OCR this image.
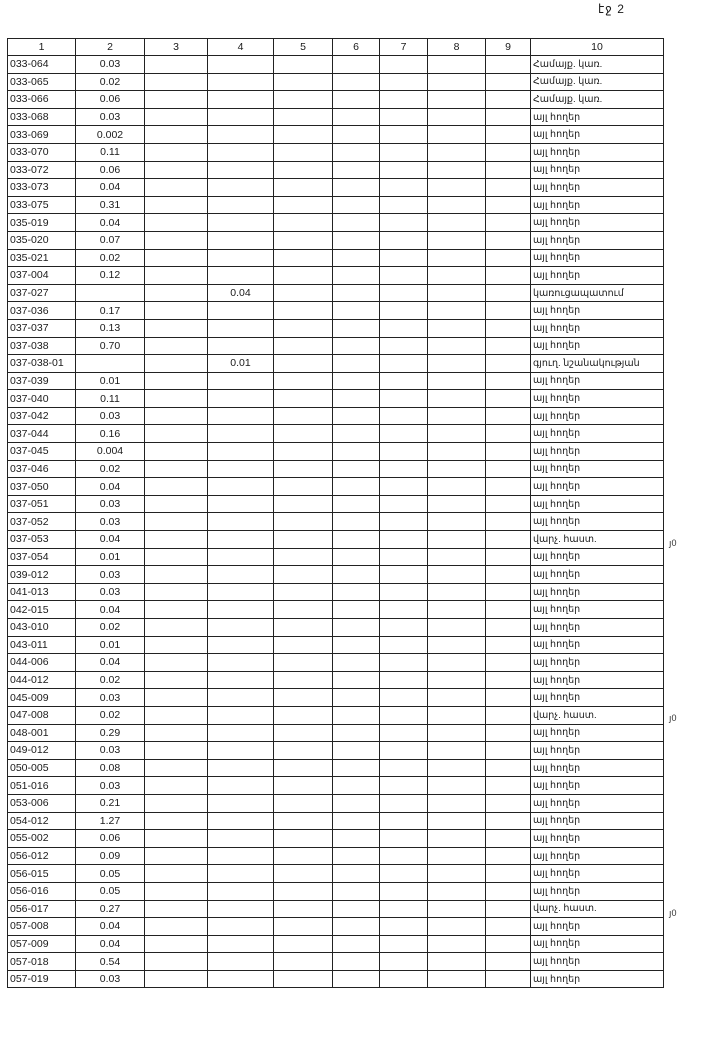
էջ 2
1	2	3	4	5	6	7	8	9	10
033-064	0.03								Համայք. կառ.
033-065	0.02								Համայք. կառ.
033-066	0.06								Համայք. կառ.
033-068	0.03								այլ հողեր
033-069	0.002								այլ հողեր
033-070	0.11								այլ հողեր
033-072	0.06								այլ հողեր
033-073	0.04								այլ հողեր
033-075	0.31								այլ հողեր
035-019	0.04								այլ հողեր
035-020	0.07								այլ հողեր
035-021	0.02								այլ հողեր
037-004	0.12								այլ հողեր
037-027			0.04						կառուցապատում
037-036	0.17								այլ հողեր
037-037	0.13								այլ հողեր
037-038	0.70								այլ հողեր
037-038-01			0.01						գյուղ. նշանակության
037-039	0.01								այլ հողեր
037-040	0.11								այլ հողեր
037-042	0.03								այլ հողեր
037-044	0.16								այլ հողեր
037-045	0.004								այլ հողեր
037-046	0.02								այլ հողեր
037-050	0.04								այլ հողեր
037-051	0.03								այլ հողեր
037-052	0.03								այլ հողեր
037-053	0.04								վարչ. հաստ.
037-054	0.01								այլ հողեր
039-012	0.03								այլ հողեր
041-013	0.03								այլ հողեր
042-015	0.04								այլ հողեր
043-010	0.02								այլ հողեր
043-011	0.01								այլ հողեր
044-006	0.04								այլ հողեր
044-012	0.02								այլ հողեր
045-009	0.03								այլ հողեր
047-008	0.02								վարչ. հաստ.
048-001	0.29								այլ հողեր
049-012	0.03								այլ հողեր
050-005	0.08								այլ հողեր
051-016	0.03								այլ հողեր
053-006	0.21								այլ հողեր
054-012	1.27								այլ հողեր
055-002	0.06								այլ հողեր
056-012	0.09								այլ հողեր
056-015	0.05								այլ հողեր
056-016	0.05								այլ հողեր
056-017	0.27								վարչ. հաստ.
057-008	0.04								այլ հողեր
057-009	0.04								այլ հողեր
057-018	0.54								այլ հողեր
057-019	0.03								այլ հողեր
յ0
յ0
յ0
